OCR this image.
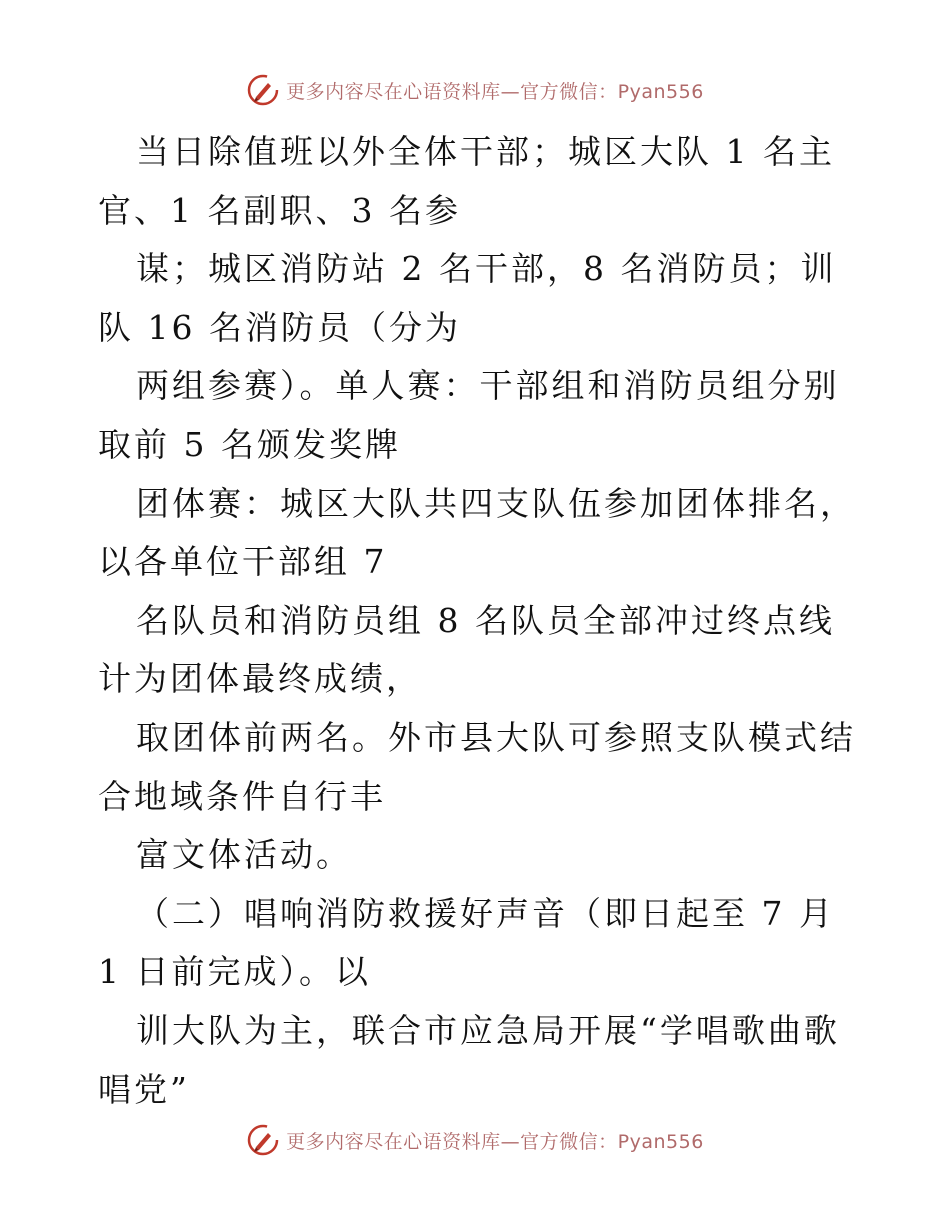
更多内容尽在心语资料库—官方微信：Pyan556

当日除值班以外全体干部；城区大队 1 名主官、1 名副职、3 名参

谋；城区消防站 2 名干部，8 名消防员；训队 16 名消防员（分为

两组参赛）。单人赛：干部组和消防员组分别取前 5 名颁发奖牌

团体赛：城区大队共四支队伍参加团体排名，以各单位干部组 7

名队员和消防员组 8 名队员全部冲过终点线计为团体最终成绩，

取团体前两名。外市县大队可参照支队模式结合地域条件自行丰

富文体活动。

（二）唱响消防救援好声音（即日起至 7 月 1 日前完成）。以

训大队为主，联合市应急局开展“学唱歌曲歌唱党”

更多内容尽在心语资料库—官方微信：Pyan556
